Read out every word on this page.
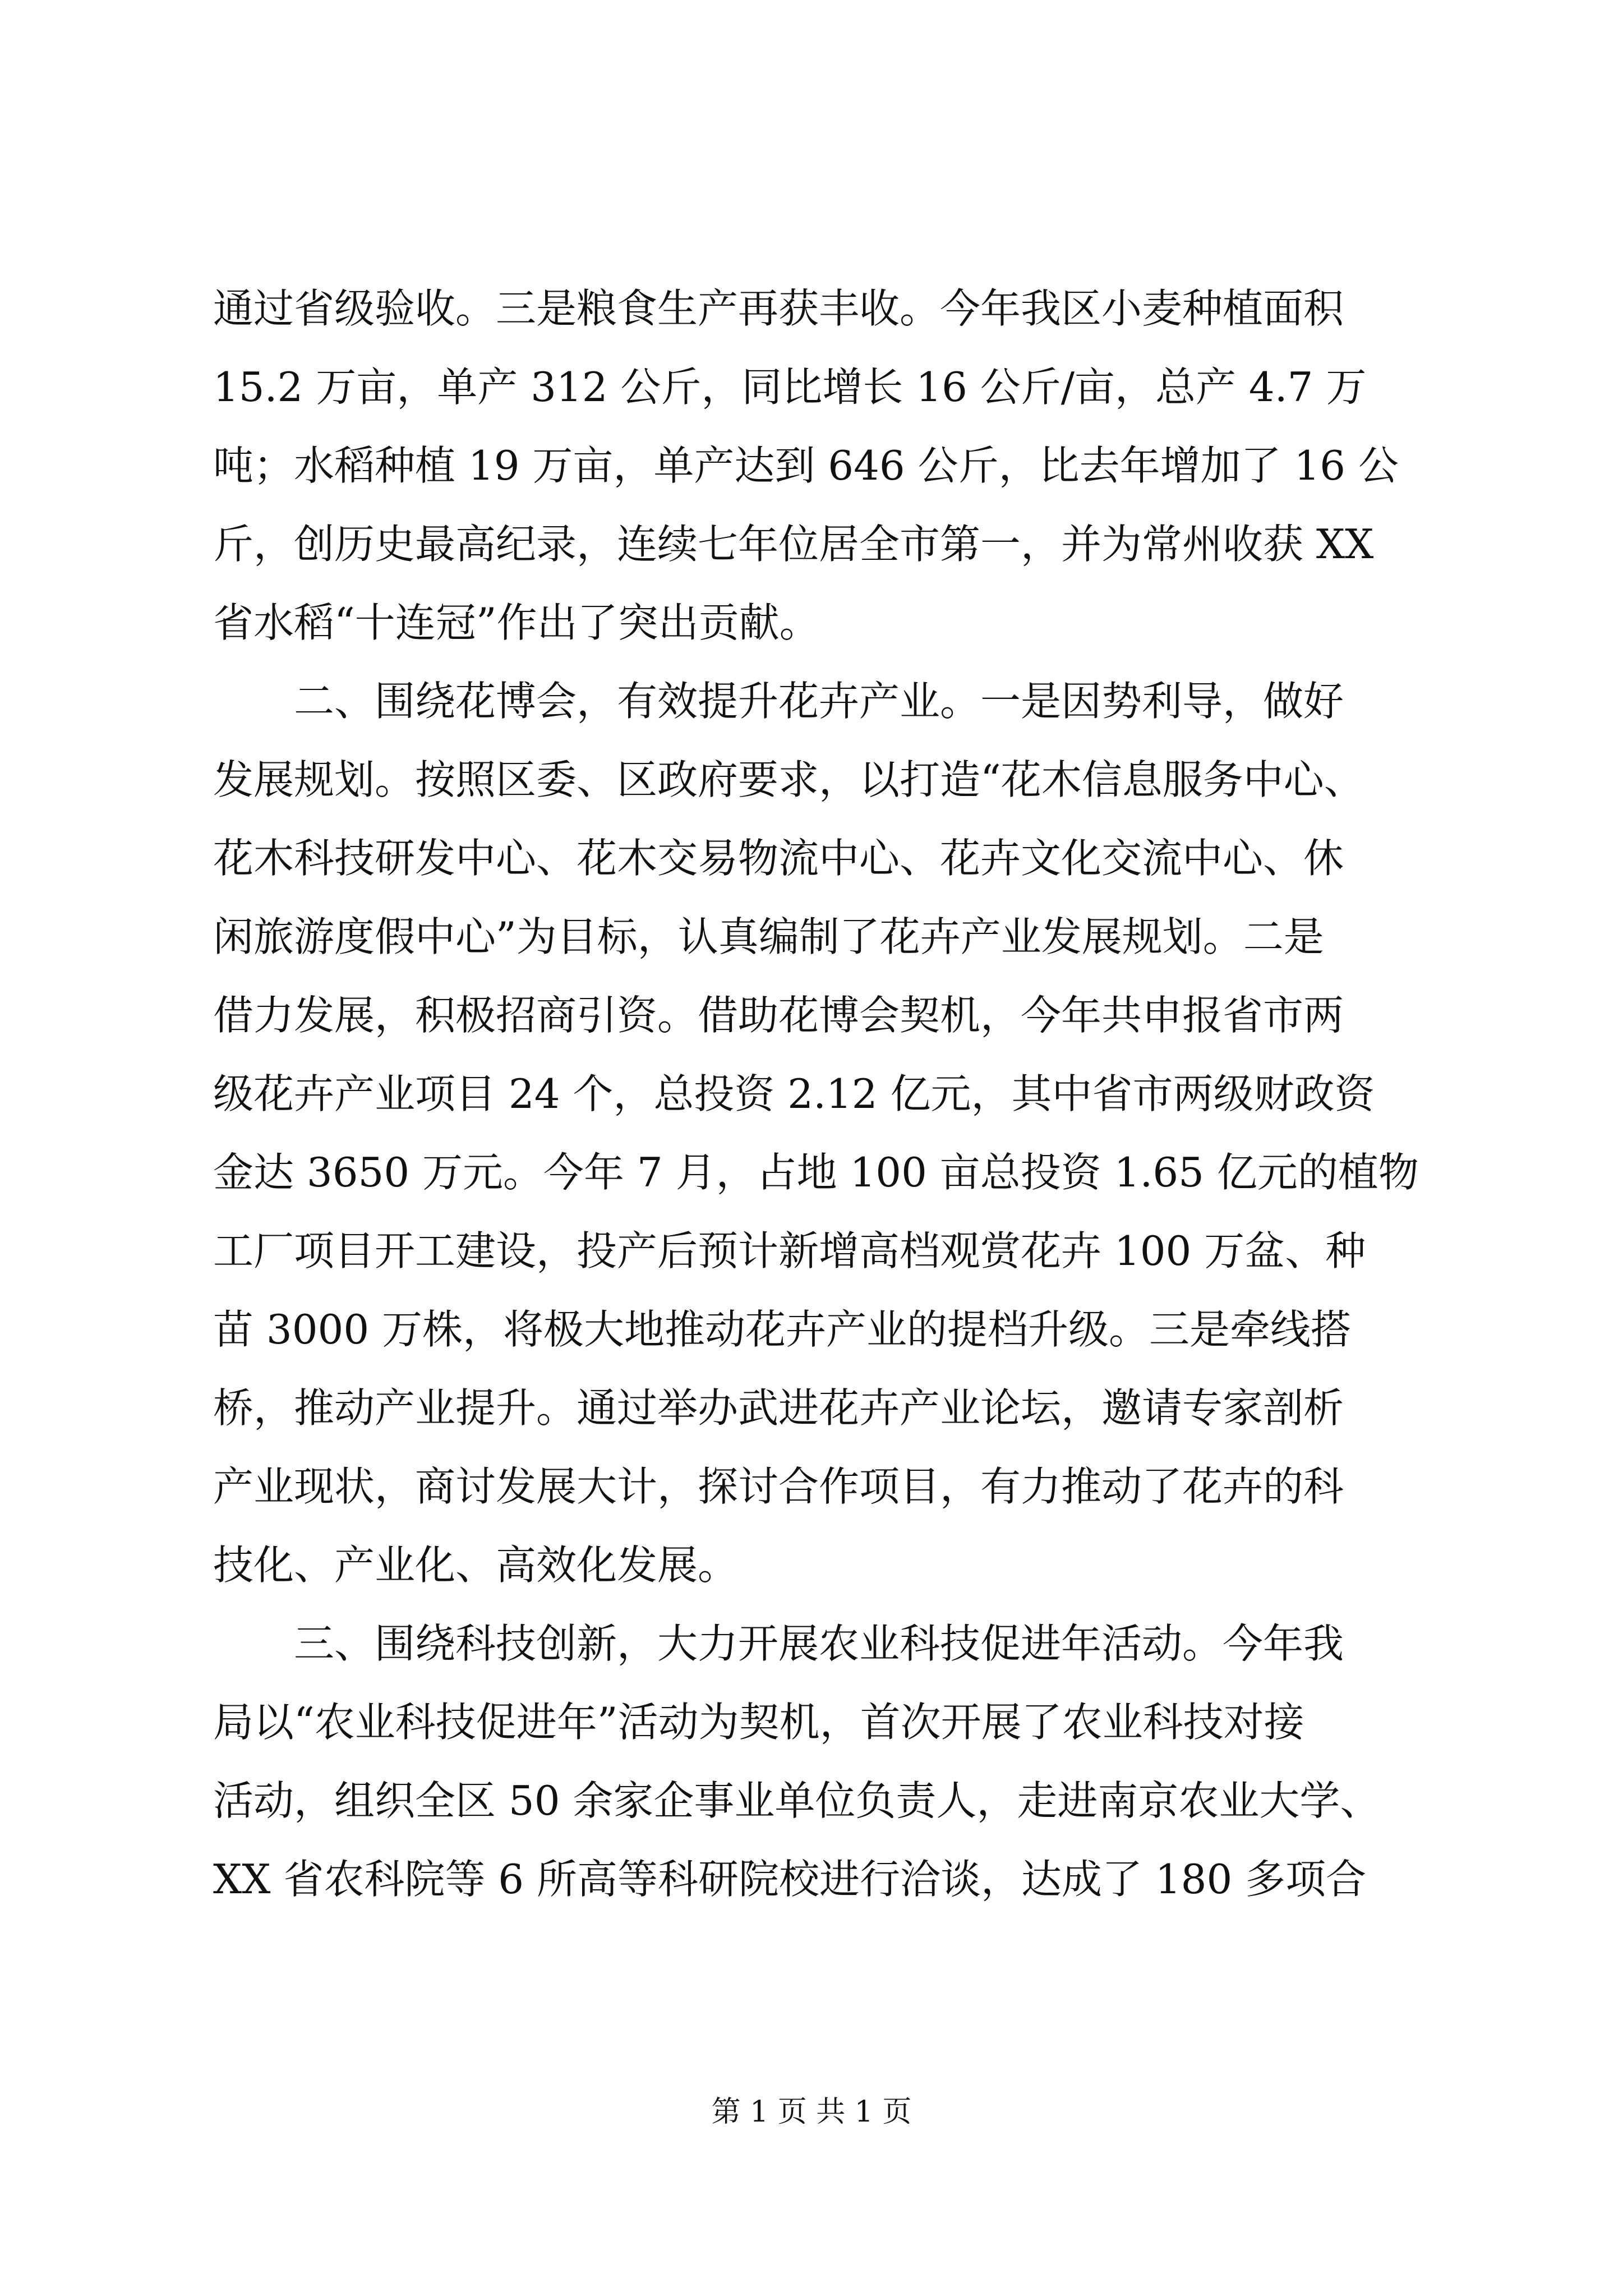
通过省级验收。三是粮食生产再获丰收。今年我区小麦种植面积
15.2 万亩，单产 312 公斤，同比增长 16 公斤/亩，总产 4.7 万
吨；水稻种植 19 万亩，单产达到 646 公斤，比去年增加了 16 公
斤，创历史最高纪录，连续七年位居全市第一，并为常州收获 XX
省水稻“十连冠”作出了突出贡献。
二、围绕花博会，有效提升花卉产业。一是因势利导，做好
发展规划。按照区委、区政府要求，以打造“花木信息服务中心、
花木科技研发中心、花木交易物流中心、花卉文化交流中心、休
闲旅游度假中心”为目标，认真编制了花卉产业发展规划。二是
借力发展，积极招商引资。借助花博会契机，今年共申报省市两
级花卉产业项目 24 个，总投资 2.12 亿元，其中省市两级财政资
金达 3650 万元。今年 7 月，占地 100 亩总投资 1.65 亿元的植物
工厂项目开工建设，投产后预计新增高档观赏花卉 100 万盆、种
苗 3000 万株，将极大地推动花卉产业的提档升级。三是牵线搭
桥，推动产业提升。通过举办武进花卉产业论坛，邀请专家剖析
产业现状，商讨发展大计，探讨合作项目，有力推动了花卉的科
技化、产业化、高效化发展。
三、围绕科技创新，大力开展农业科技促进年活动。今年我
局以“农业科技促进年”活动为契机，首次开展了农业科技对接
活动，组织全区 50 余家企事业单位负责人，走进南京农业大学、
XX 省农科院等 6 所高等科研院校进行洽谈，达成了 180 多项合
第 1 页 共 1 页
